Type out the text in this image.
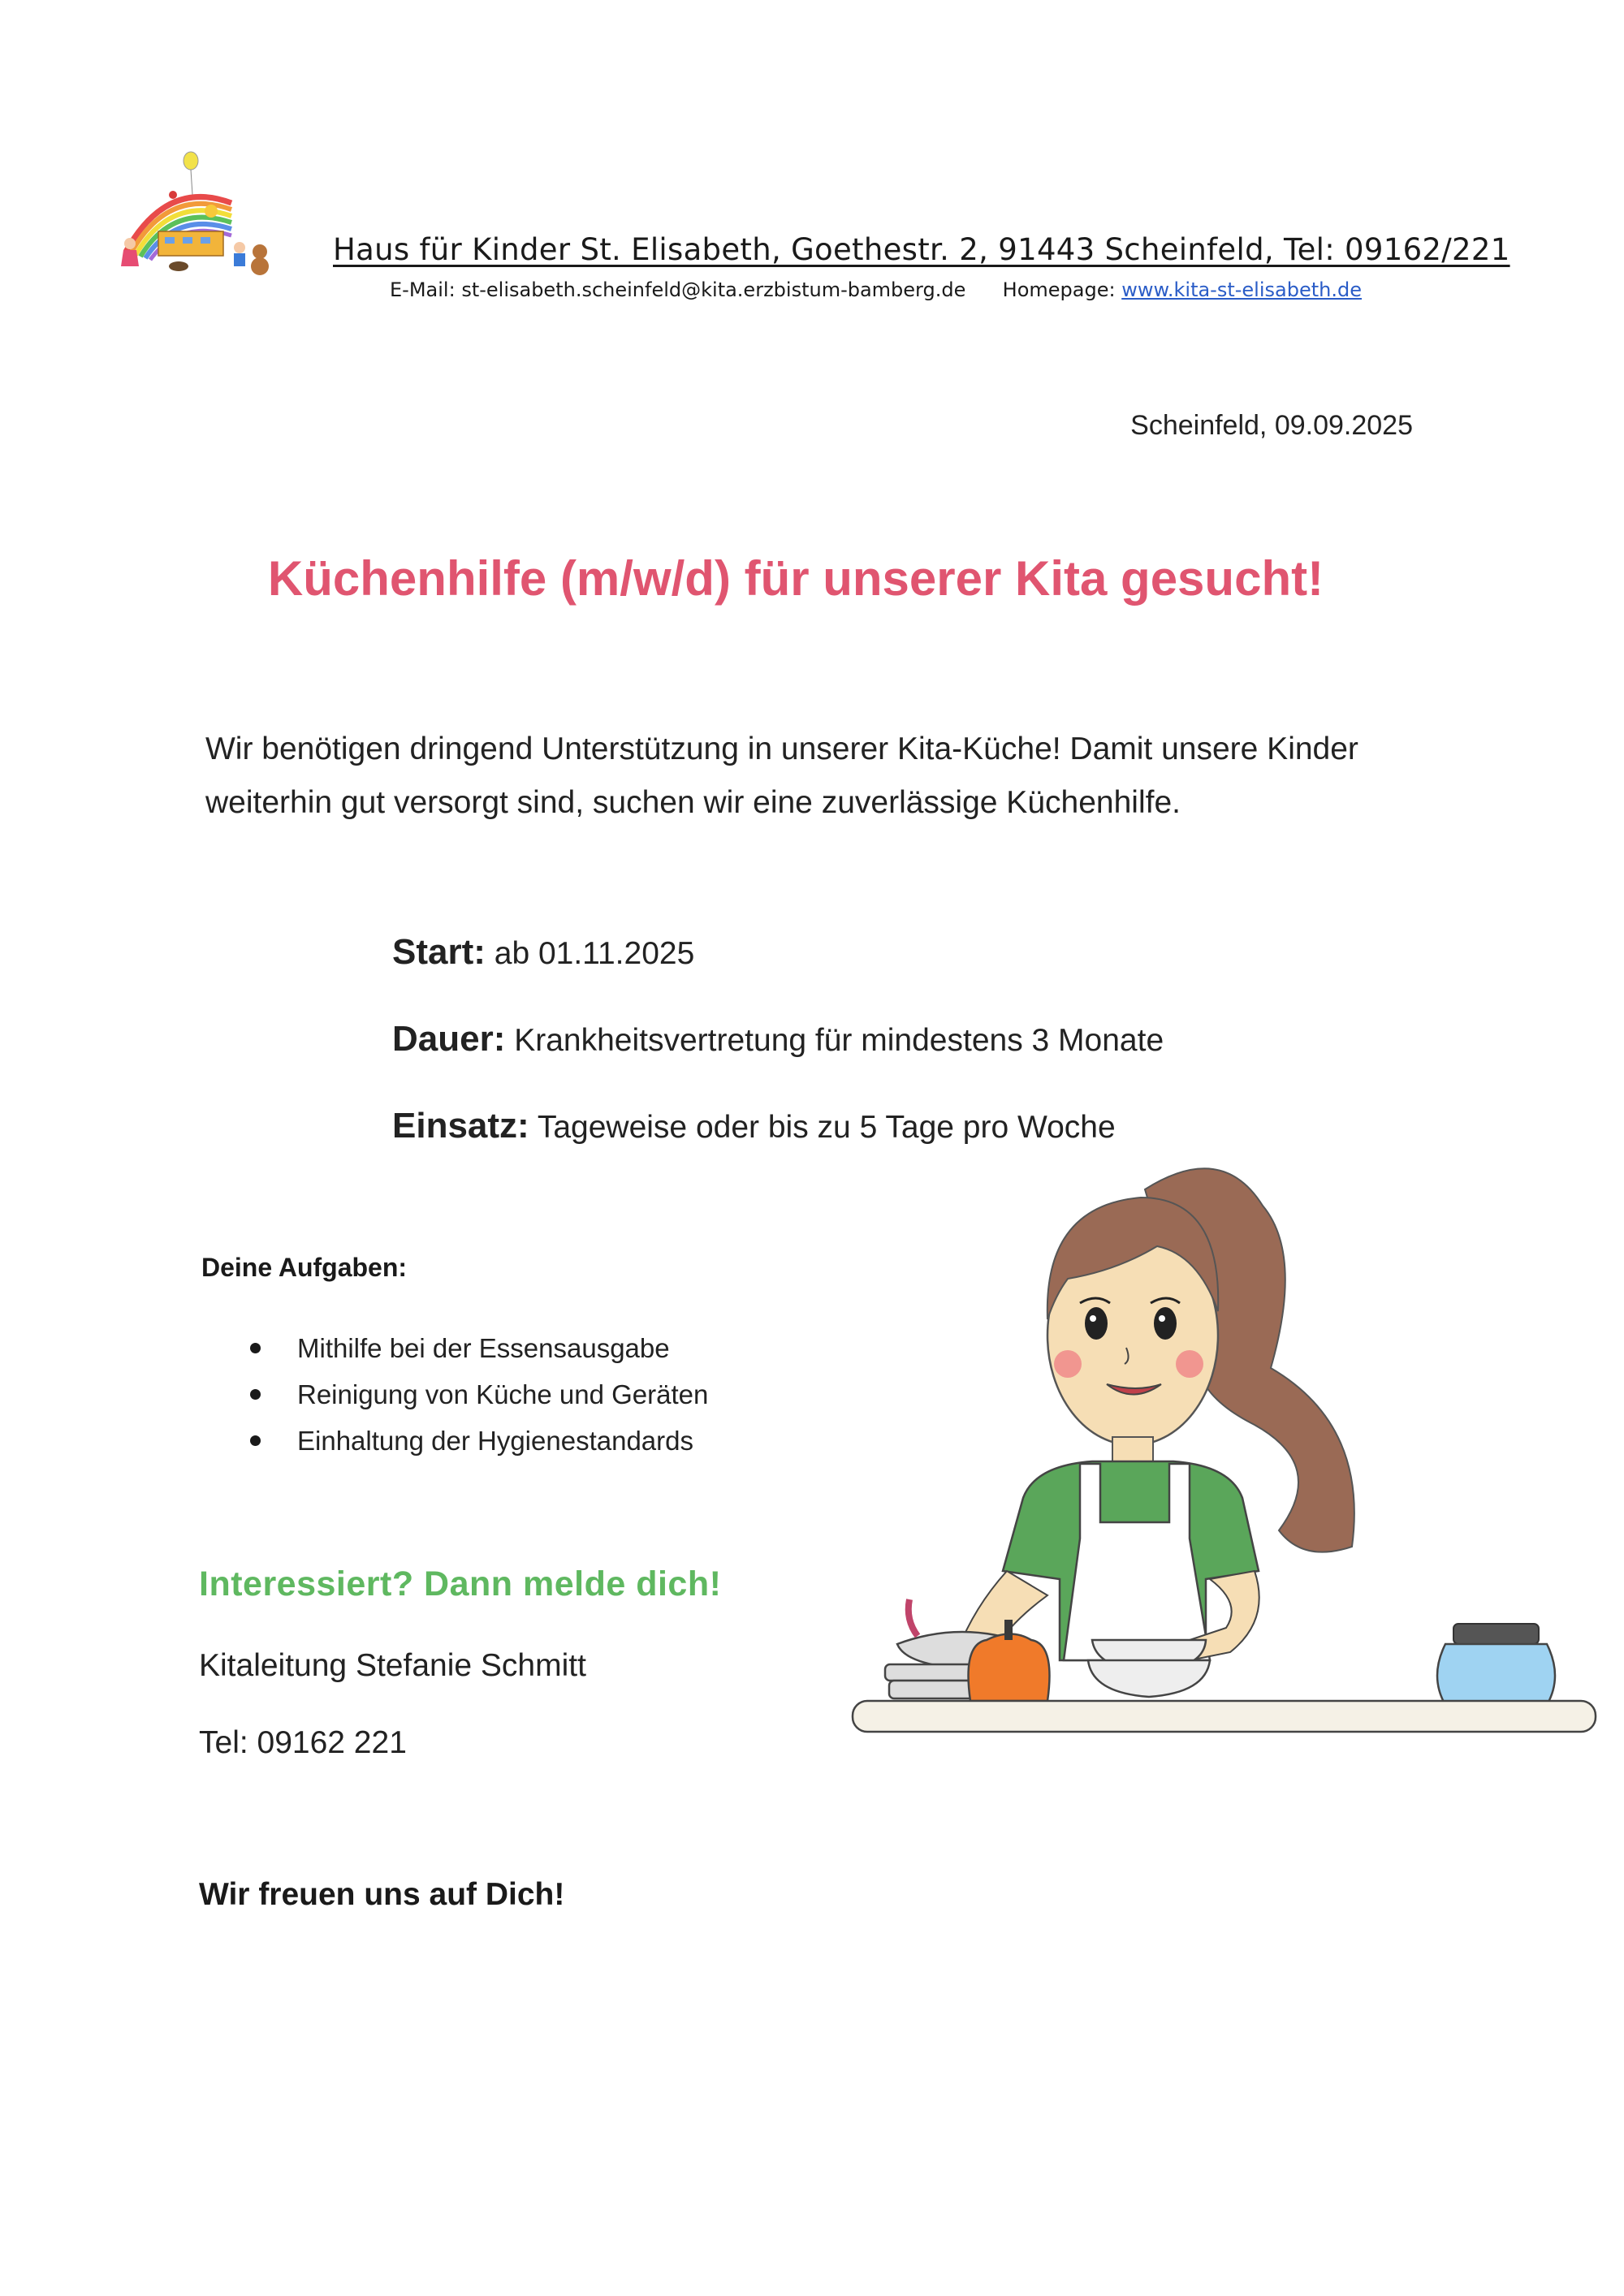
Haus für Kinder St. Elisabeth, Goethestr. 2, 91443 Scheinfeld, Tel: 09162/221
E-Mail: st-elisabeth.scheinfeld@kita.erzbistum-bamberg.de Homepage: www.kita-st-elisabeth.de
Scheinfeld, 09.09.2025
Küchenhilfe (m/w/d) für unserer Kita gesucht!
Wir benötigen dringend Unterstützung in unserer Kita-Küche! Damit unsere Kinder weiterhin gut versorgt sind, suchen wir eine zuverlässige Küchenhilfe.
Start: ab 01.11.2025
Dauer: Krankheitsvertretung für mindestens 3 Monate
Einsatz: Tageweise oder bis zu 5 Tage pro Woche
Deine Aufgaben:
Mithilfe bei der Essensausgabe
Reinigung von Küche und Geräten
Einhaltung der Hygienestandards
Interessiert? Dann melde dich!
Kitaleitung Stefanie Schmitt
Tel: 09162 221
Wir freuen uns auf Dich!
